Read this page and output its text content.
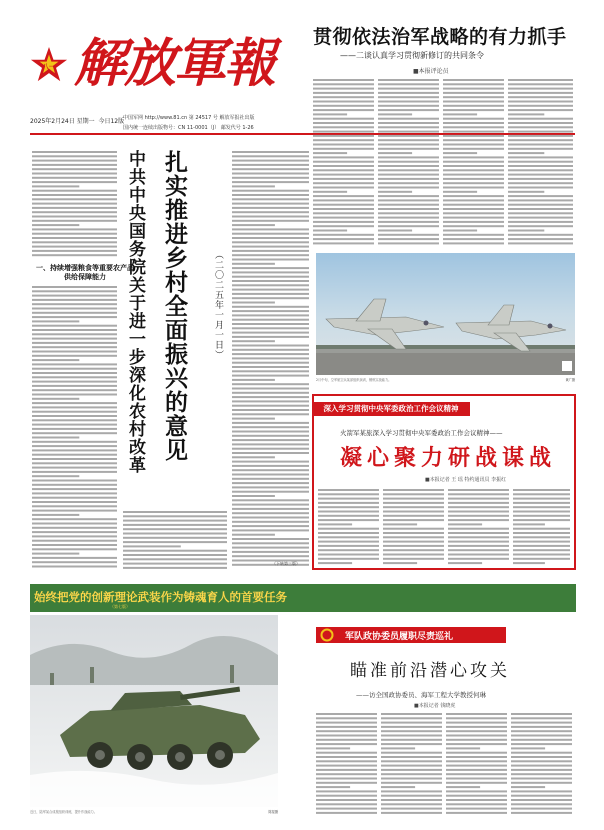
八一 解放軍報
2025年2月24日 星期一 今日12版
中国军网 http://www.81.cn 第 24517 号 解放军报社出版
国内统一连续出版物号：CN 11-0001（J） 邮发代号 1-26
贯彻依法治军战略的有力抓手
——二谈认真学习贯彻新修订的共同条令
■本报评论员
中共中央国务院关于进一步深化农村改革 扎实推进乡村全面振兴的意见	（二〇二五年一月一日）
一、持续增强粮食等重要农产品供给保障能力
（下转第三版）
2月中旬，空军航空兵某部组织演训，锤炼实战能力。	黄广摄
深入学习贯彻中央军委政治工作会议精神
火箭军某旅深入学习贯彻中央军委政治工作会议精神——
凝心聚力研战谋战
■本报记者 王 瑶 特约通讯员 李振红
始终把党的创新理论武装作为铸魂育人的首要任务
（第七版）
近日，陆军某合成旅组织训练，提升作战能力。	陈星摄
军队政协委员履职尽责巡礼
瞄准前沿潜心攻关
——访全国政协委员、海军工程大学教授何琳
■本报记者 钱晓虎
